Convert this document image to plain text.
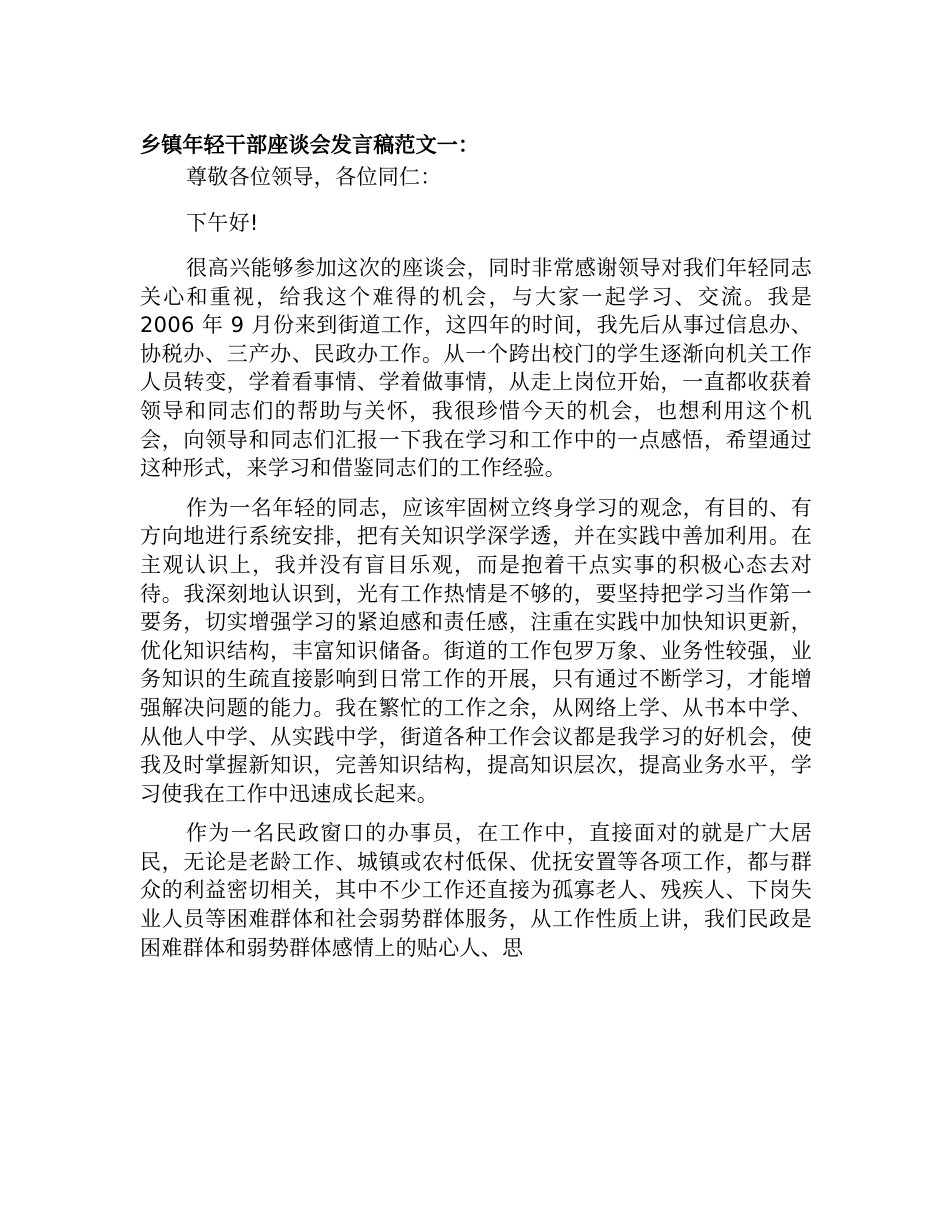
乡镇年轻干部座谈会发言稿范文一：

尊敬各位领导，各位同仁：

下午好!

很高兴能够参加这次的座谈会，同时非常感谢领导对我们年轻同志关心和重视，给我这个难得的机会，与大家一起学习、交流。我是 2006 年 9 月份来到街道工作，这四年的时间，我先后从事过信息办、协税办、三产办、民政办工作。从一个跨出校门的学生逐渐向机关工作人员转变，学着看事情、学着做事情，从走上岗位开始，一直都收获着领导和同志们的帮助与关怀，我很珍惜今天的机会，也想利用这个机会，向领导和同志们汇报一下我在学习和工作中的一点感悟，希望通过这种形式，来学习和借鉴同志们的工作经验。

作为一名年轻的同志，应该牢固树立终身学习的观念，有目的、有方向地进行系统安排，把有关知识学深学透，并在实践中善加利用。在主观认识上，我并没有盲目乐观，而是抱着干点实事的积极心态去对待。我深刻地认识到，光有工作热情是不够的，要坚持把学习当作第一要务，切实增强学习的紧迫感和责任感，注重在实践中加快知识更新，优化知识结构，丰富知识储备。街道的工作包罗万象、业务性较强，业务知识的生疏直接影响到日常工作的开展，只有通过不断学习，才能增强解决问题的能力。我在繁忙的工作之余，从网络上学、从书本中学、从他人中学、从实践中学，街道各种工作会议都是我学习的好机会，使我及时掌握新知识，完善知识结构，提高知识层次，提高业务水平，学习使我在工作中迅速成长起来。

作为一名民政窗口的办事员，在工作中，直接面对的就是广大居民，无论是老龄工作、城镇或农村低保、优抚安置等各项工作，都与群众的利益密切相关，其中不少工作还直接为孤寡老人、残疾人、下岗失业人员等困难群体和社会弱势群体服务，从工作性质上讲，我们民政是困难群体和弱势群体感情上的贴心人、思
